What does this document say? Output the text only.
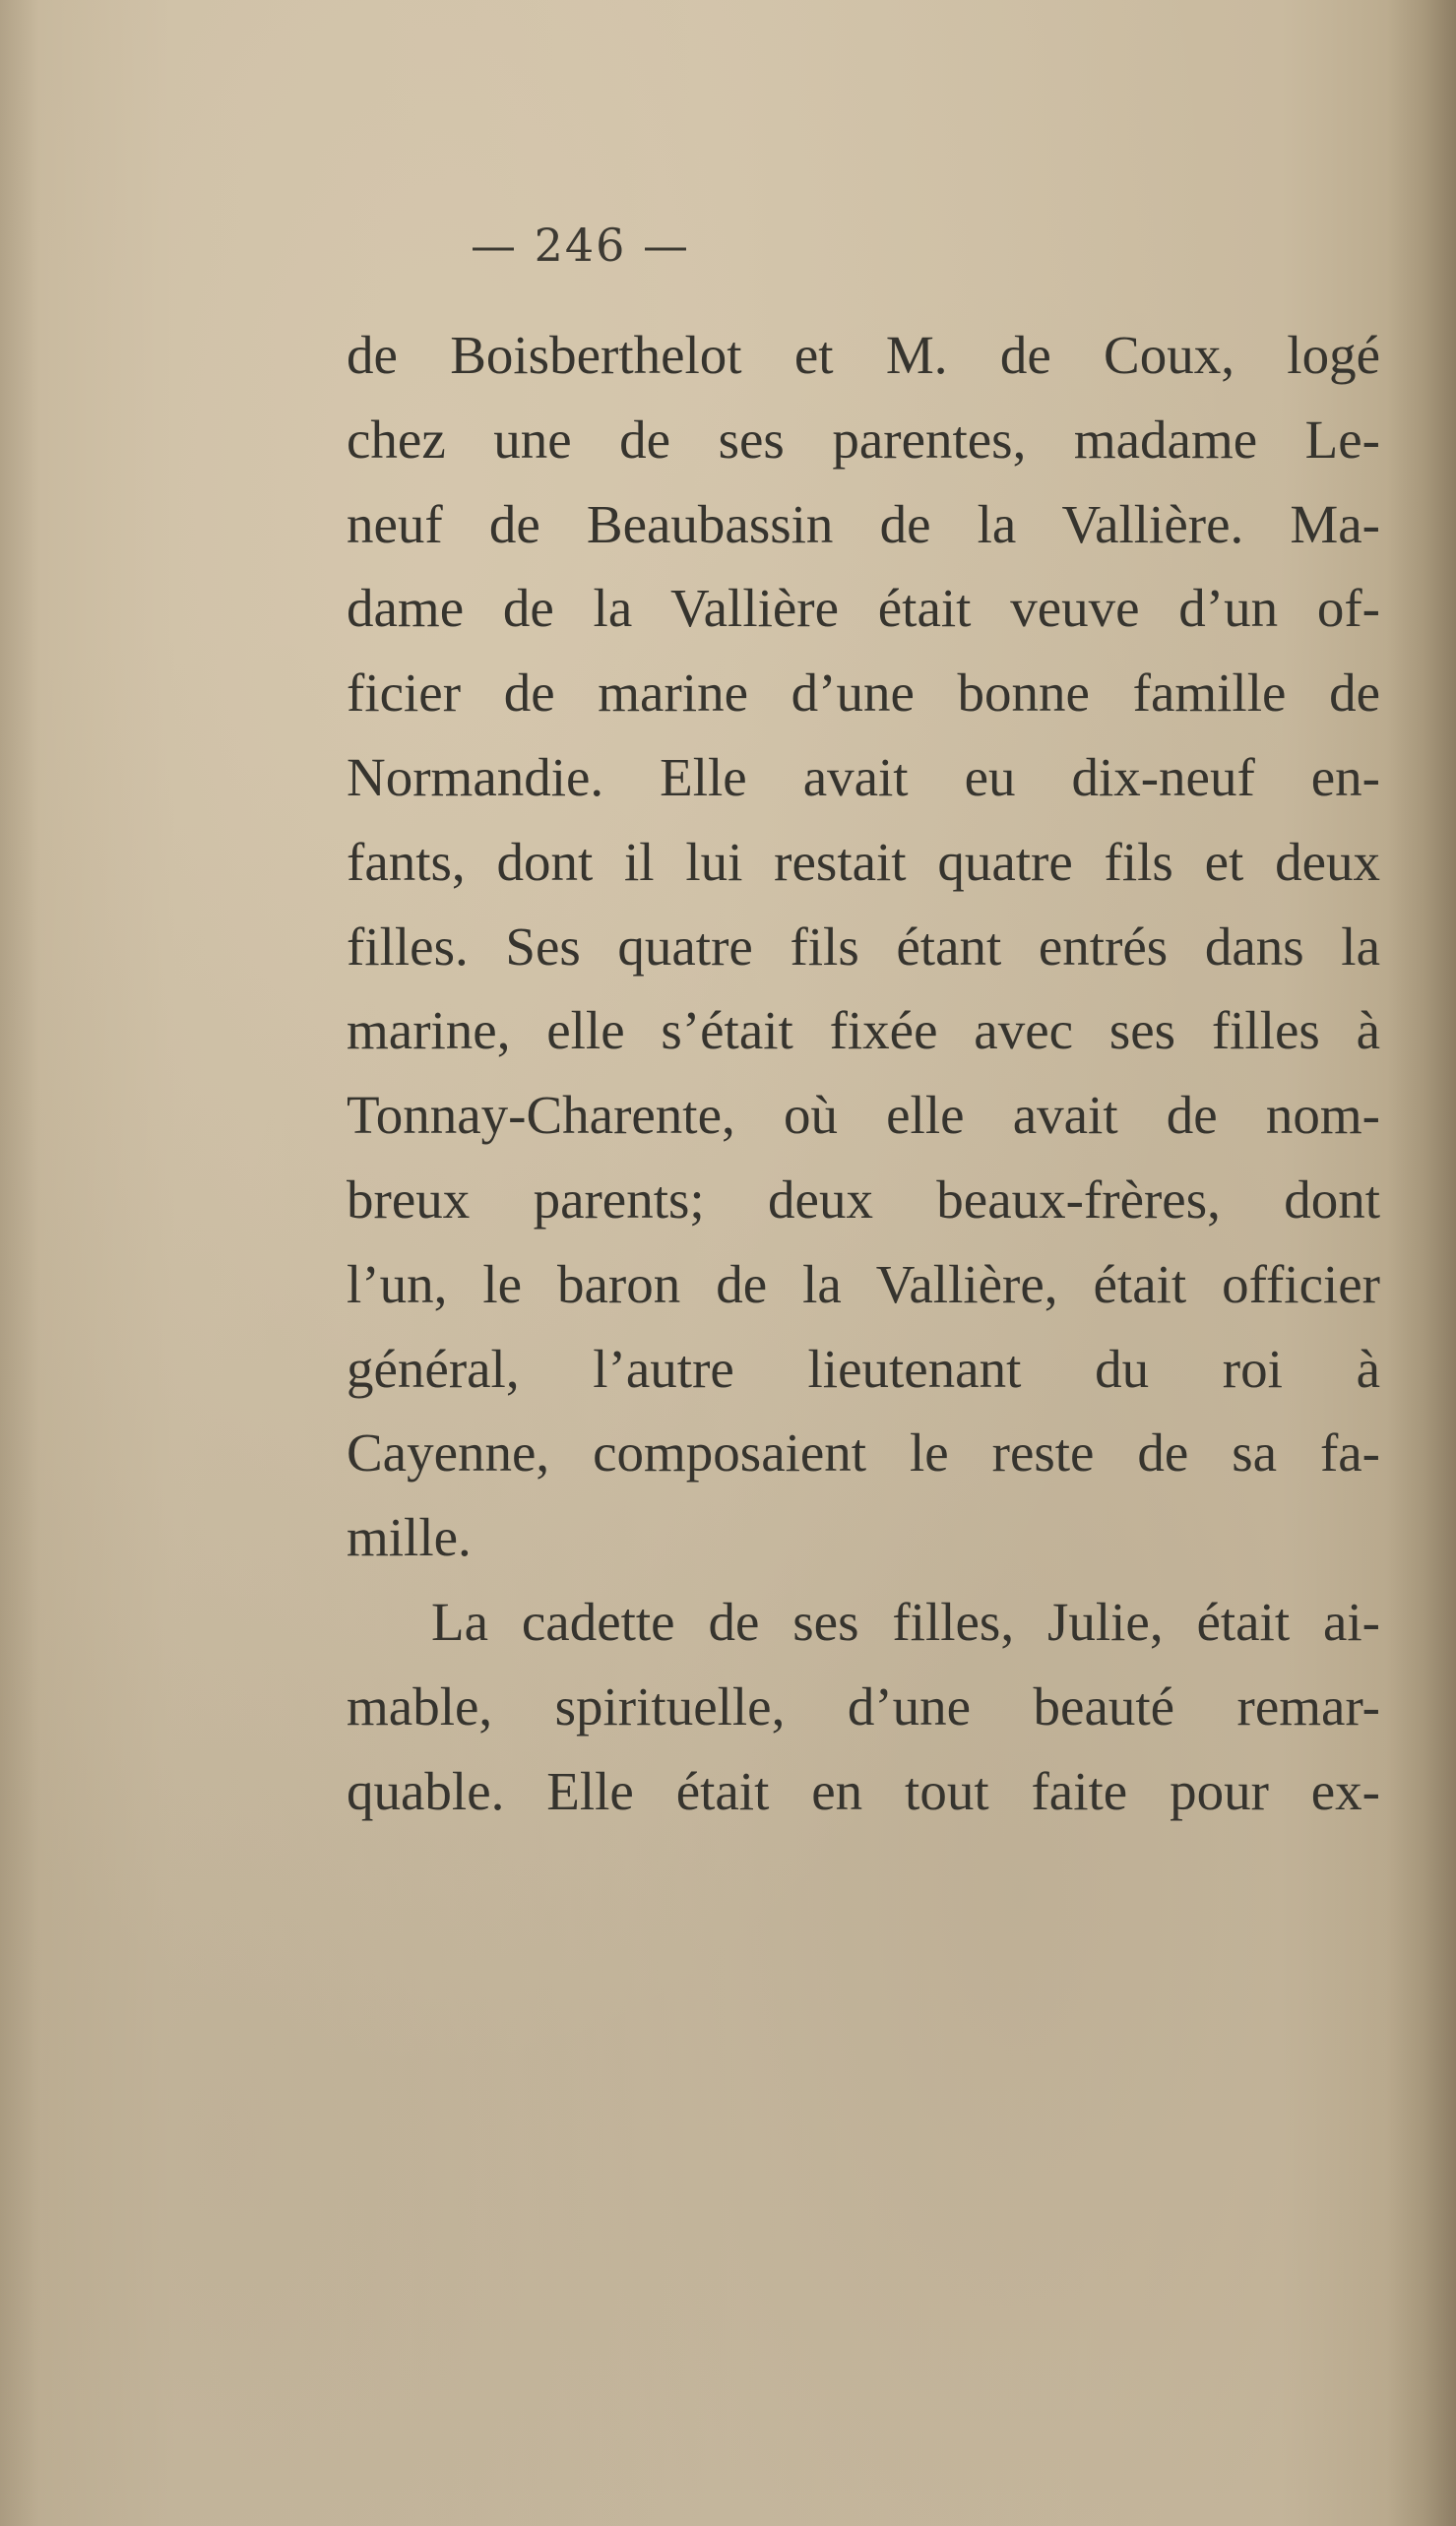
— 246 —
de Boisberthelot et M. de Coux, logé
chez une de ses parentes, madame Le-
neuf de Beaubassin de la Vallière. Ma-
dame de la Vallière était veuve d’un of-
ficier de marine d’une bonne famille de
Normandie. Elle avait eu dix-neuf en-
fants, dont il lui restait quatre fils et deux
filles. Ses quatre fils étant entrés dans la
marine, elle s’était fixée avec ses filles à
Tonnay-Charente, où elle avait de nom-
breux parents; deux beaux-frères, dont
l’un, le baron de la Vallière, était officier
général, l’autre lieutenant du roi à
Cayenne, composaient le reste de sa fa-
mille.
La cadette de ses filles, Julie, était ai-
mable, spirituelle, d’une beauté remar-
quable. Elle était en tout faite pour ex-
